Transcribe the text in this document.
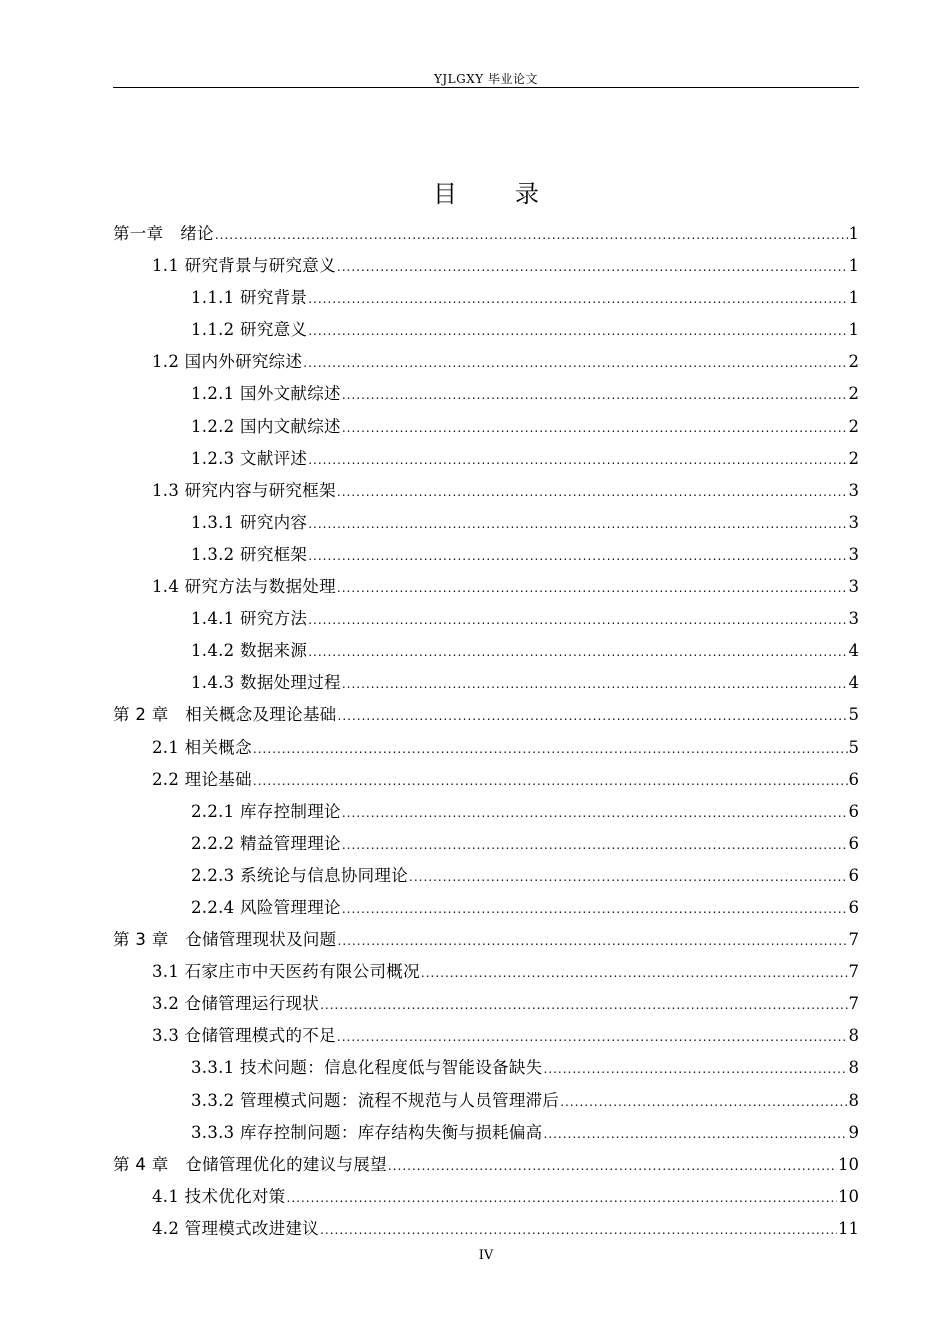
YJLGXY 毕业论文
目录
第一章　绪论 .....	1
1.1 研究背景与研究意义 .....	1
1.1.1 研究背景 .....	1
1.1.2 研究意义 .....	1
1.2 国内外研究综述 .....	2
1.2.1 国外文献综述 .....	2
1.2.2 国内文献综述 .....	2
1.2.3 文献评述 .....	2
1.3 研究内容与研究框架 .....	3
1.3.1 研究内容 .....	3
1.3.2 研究框架 .....	3
1.4 研究方法与数据处理 .....	3
1.4.1 研究方法 .....	3
1.4.2 数据来源 .....	4
1.4.3 数据处理过程 .....	4
第 2 章　相关概念及理论基础 .....	5
2.1 相关概念 .....	5
2.2 理论基础 .....	6
2.2.1 库存控制理论 .....	6
2.2.2 精益管理理论 .....	6
2.2.3 系统论与信息协同理论 .....	6
2.2.4 风险管理理论 .....	6
第 3 章　仓储管理现状及问题 .....	7
3.1 石家庄市中天医药有限公司概况 .....	7
3.2 仓储管理运行现状 .....	7
3.3 仓储管理模式的不足 .....	8
3.3.1 技术问题：信息化程度低与智能设备缺失 .....	8
3.3.2 管理模式问题：流程不规范与人员管理滞后 .....	8
3.3.3 库存控制问题：库存结构失衡与损耗偏高 .....	9
第 4 章　仓储管理优化的建议与展望 .....	10
4.1 技术优化对策 .....	10
4.2 管理模式改进建议 .....	11
IV
